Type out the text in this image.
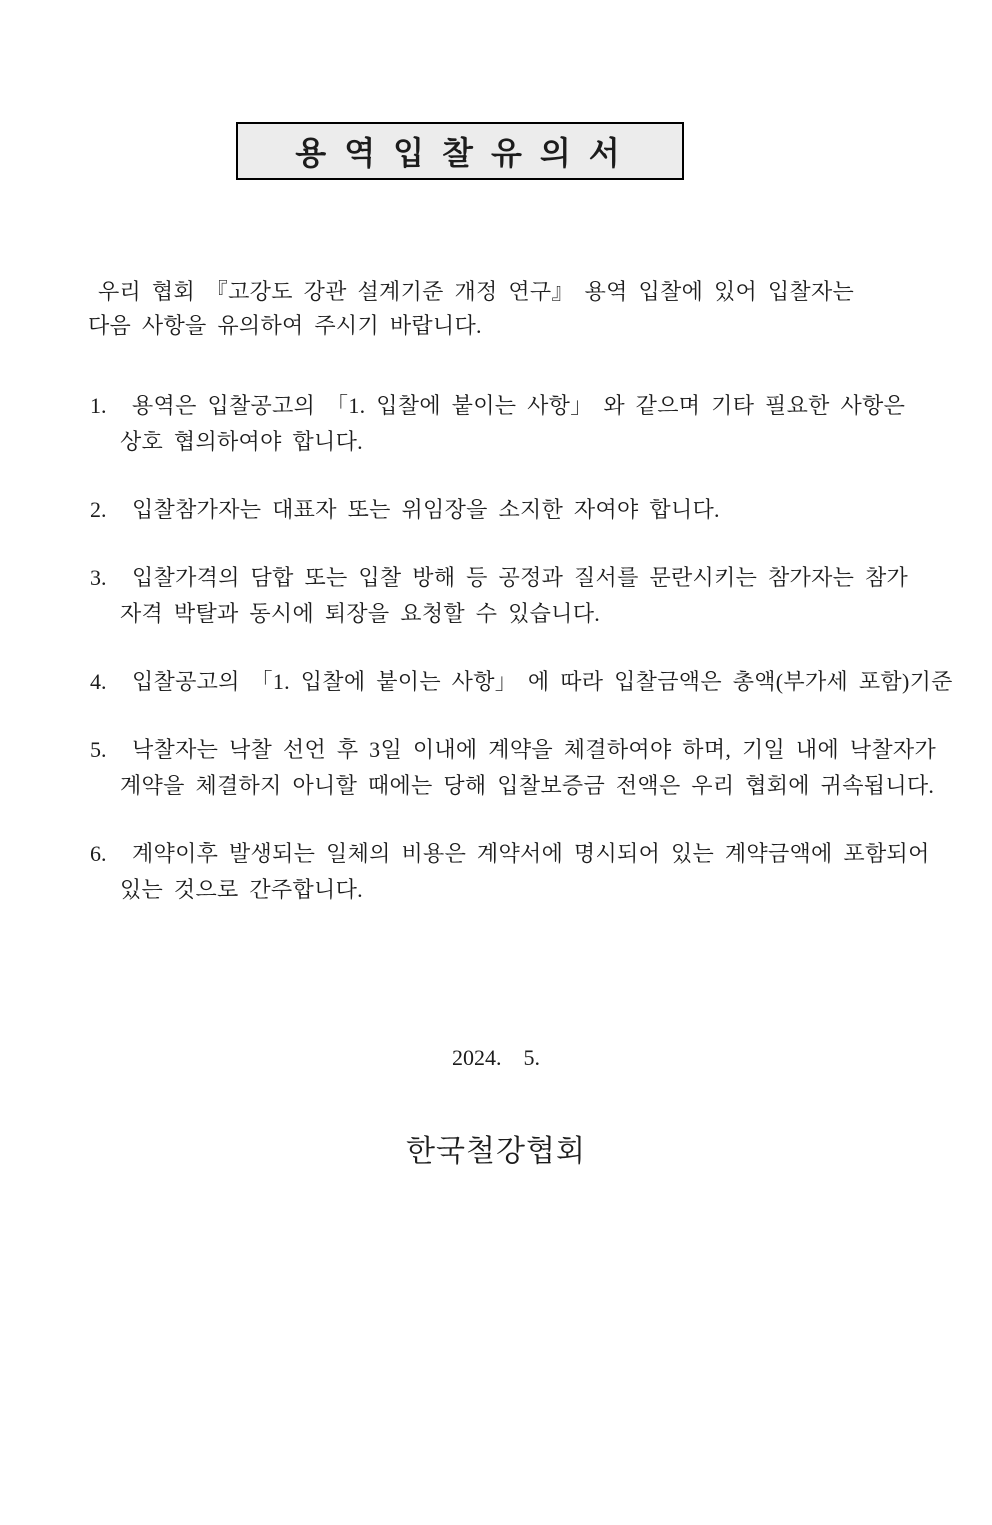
용 역 입 찰 유 의 서
우리 협회 『고강도 강관 설계기준 개정 연구』 용역 입찰에 있어 입찰자는
다음 사항을 유의하여 주시기 바랍니다.
1.	용역은 입찰공고의 「1. 입찰에 붙이는 사항」 와 같으며 기타 필요한 사항은
상호 협의하여야 합니다.
2.	입찰참가자는 대표자 또는 위임장을 소지한 자여야 합니다.
3.	입찰가격의 담합 또는 입찰 방해 등 공정과 질서를 문란시키는 참가자는 참가
자격 박탈과 동시에 퇴장을 요청할 수 있습니다.
4.	입찰공고의 「1. 입찰에 붙이는 사항」 에 따라 입찰금액은 총액(부가세 포함)기준
5.	낙찰자는 낙찰 선언 후 3일 이내에 계약을 체결하여야 하며, 기일 내에 낙찰자가
계약을 체결하지 아니할 때에는 당해 입찰보증금 전액은 우리 협회에 귀속됩니다.
6.	계약이후 발생되는 일체의 비용은 계약서에 명시되어 있는 계약금액에 포함되어
있는 것으로 간주합니다.
2024.    5.
한국철강협회
